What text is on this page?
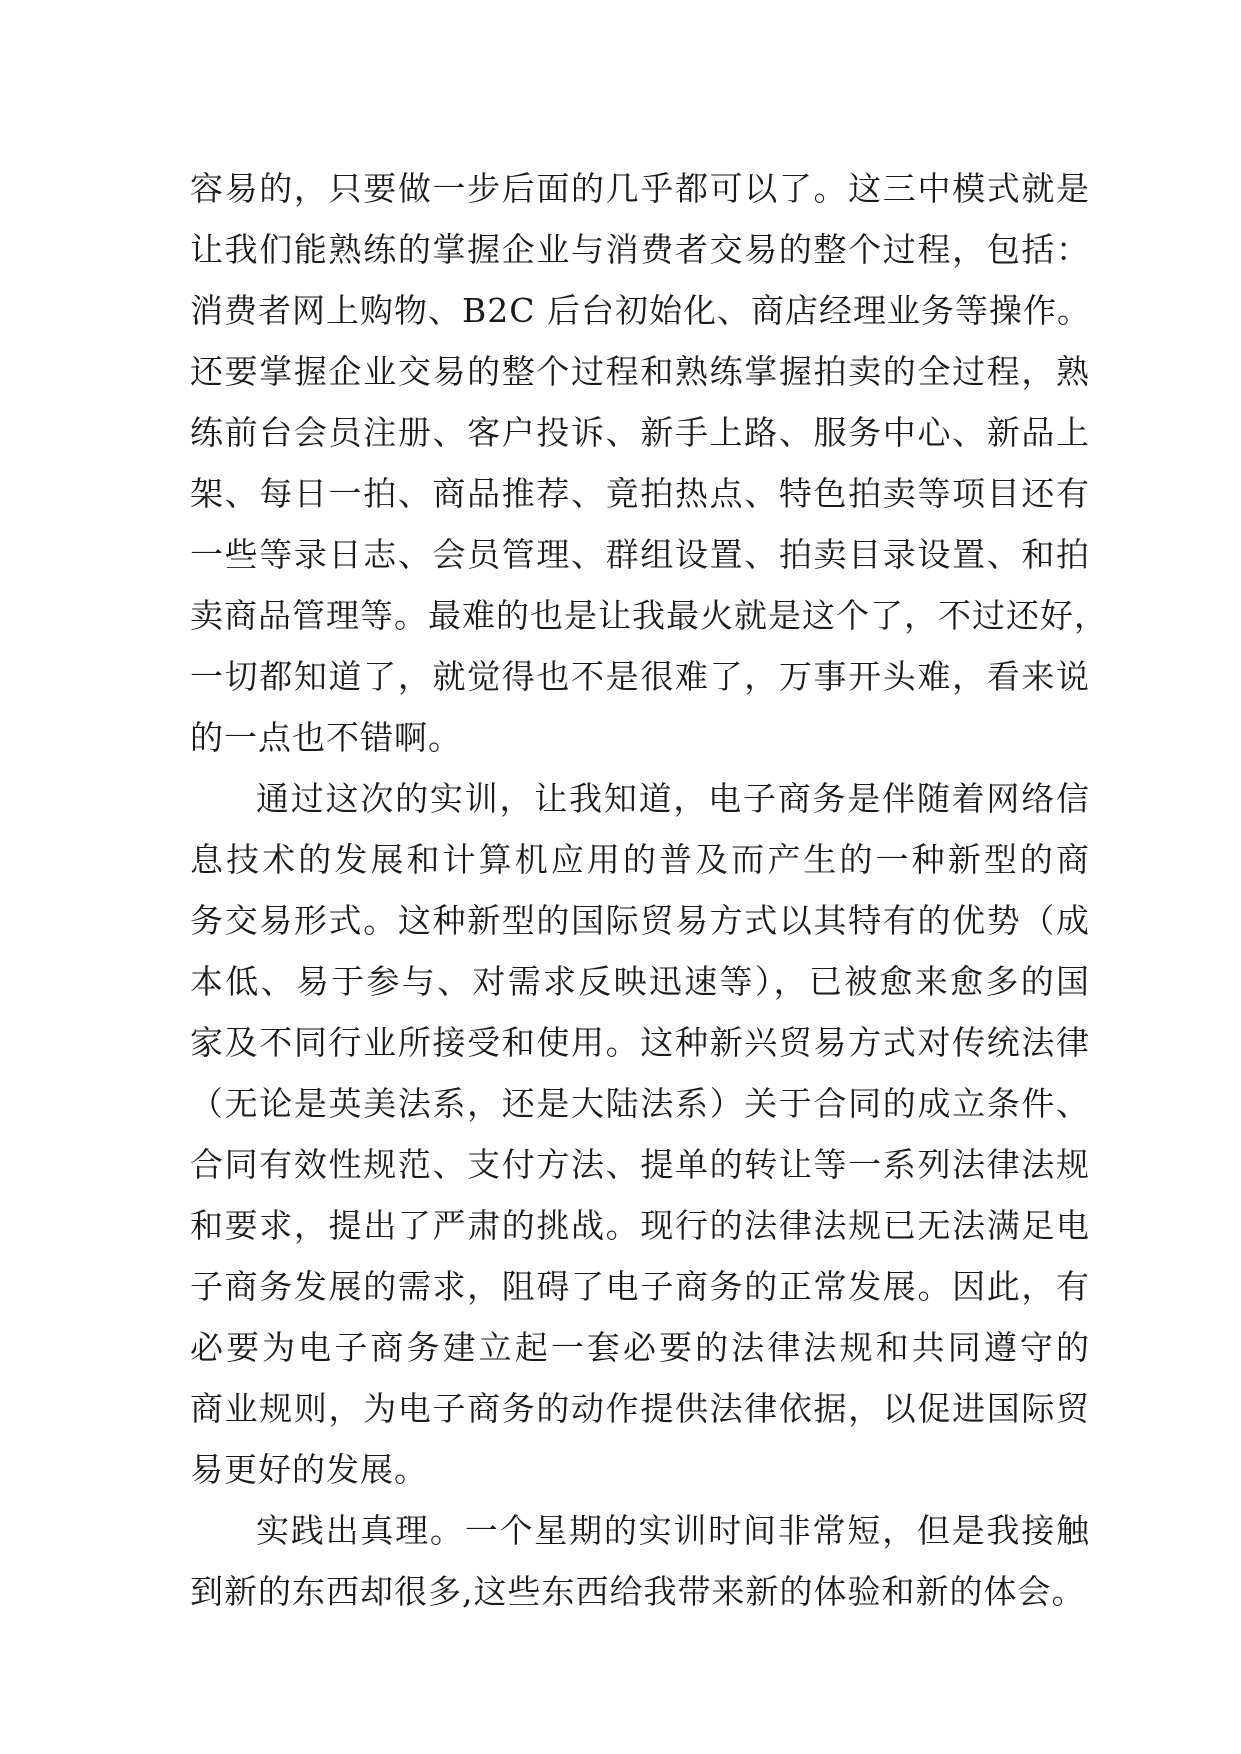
容易的，只要做一步后面的几乎都可以了。这三中模式就是
让我们能熟练的掌握企业与消费者交易的整个过程，包括：
消费者网上购物、B2C 后台初始化、商店经理业务等操作。
还要掌握企业交易的整个过程和熟练掌握拍卖的全过程，熟
练前台会员注册、客户投诉、新手上路、服务中心、新品上
架、每日一拍、商品推荐、竟拍热点、特色拍卖等项目还有
一些等录日志、会员管理、群组设置、拍卖目录设置、和拍
卖商品管理等。最难的也是让我最火就是这个了，不过还好，
一切都知道了，就觉得也不是很难了，万事开头难，看来说
的一点也不错啊。
通过这次的实训，让我知道，电子商务是伴随着网络信
息技术的发展和计算机应用的普及而产生的一种新型的商
务交易形式。这种新型的国际贸易方式以其特有的优势（成
本低、易于参与、对需求反映迅速等），已被愈来愈多的国
家及不同行业所接受和使用。这种新兴贸易方式对传统法律
（无论是英美法系，还是大陆法系）关于合同的成立条件、
合同有效性规范、支付方法、提单的转让等一系列法律法规
和要求，提出了严肃的挑战。现行的法律法规已无法满足电
子商务发展的需求，阻碍了电子商务的正常发展。因此，有
必要为电子商务建立起一套必要的法律法规和共同遵守的
商业规则，为电子商务的动作提供法律依据，以促进国际贸
易更好的发展。
实践出真理。一个星期的实训时间非常短，但是我接触
到新的东西却很多,这些东西给我带来新的体验和新的体会。
